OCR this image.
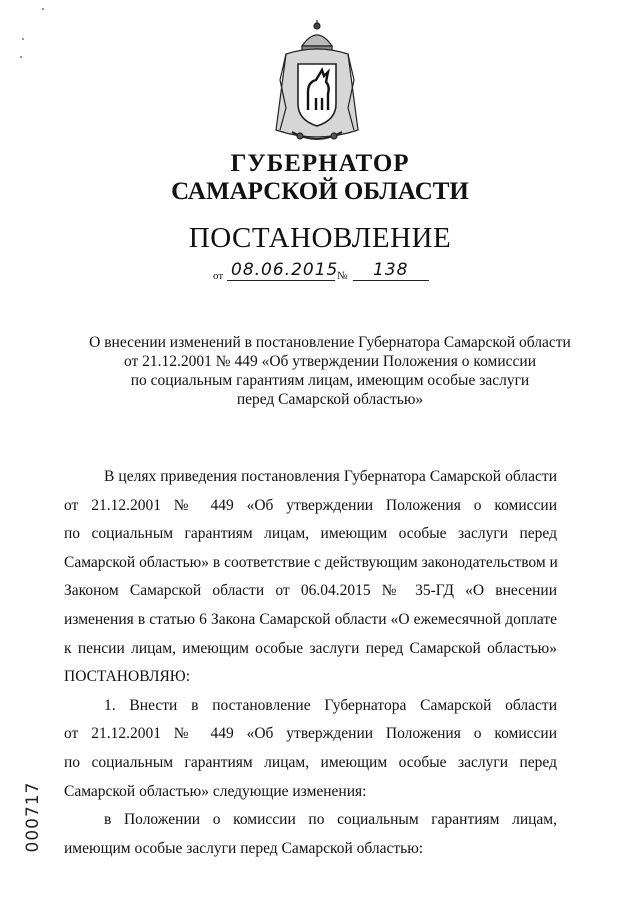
ГУБЕРНАТОР
САМАРСКОЙ ОБЛАСТИ
ПОСТАНОВЛЕНИЕ
от 08.06.2015
№ 138
О внесении изменений в постановление Губернатора Самарской области
от 21.12.2001 № 449 «Об утверждении Положения о комиссии
по социальным гарантиям лицам, имеющим особые заслуги
перед Самарской областью»
В целях приведения постановления Губернатора Самарской области
от 21.12.2001 № 449 «Об утверждении Положения о комиссии
по социальным гарантиям лицам, имеющим особые заслуги перед
Самарской областью» в соответствие с действующим законодательством и
Законом Самарской области от 06.04.2015 № 35-ГД «О внесении
изменения в статью 6 Закона Самарской области «О ежемесячной доплате
к пенсии лицам, имеющим особые заслуги перед Самарской областью»
ПОСТАНОВЛЯЮ:
1. Внести в постановление Губернатора Самарской области
от 21.12.2001 № 449 «Об утверждении Положения о комиссии
по социальным гарантиям лицам, имеющим особые заслуги перед
Самарской областью» следующие изменения:
в Положении о комиссии по социальным гарантиям лицам,
имеющим особые заслуги перед Самарской областью:
000717
